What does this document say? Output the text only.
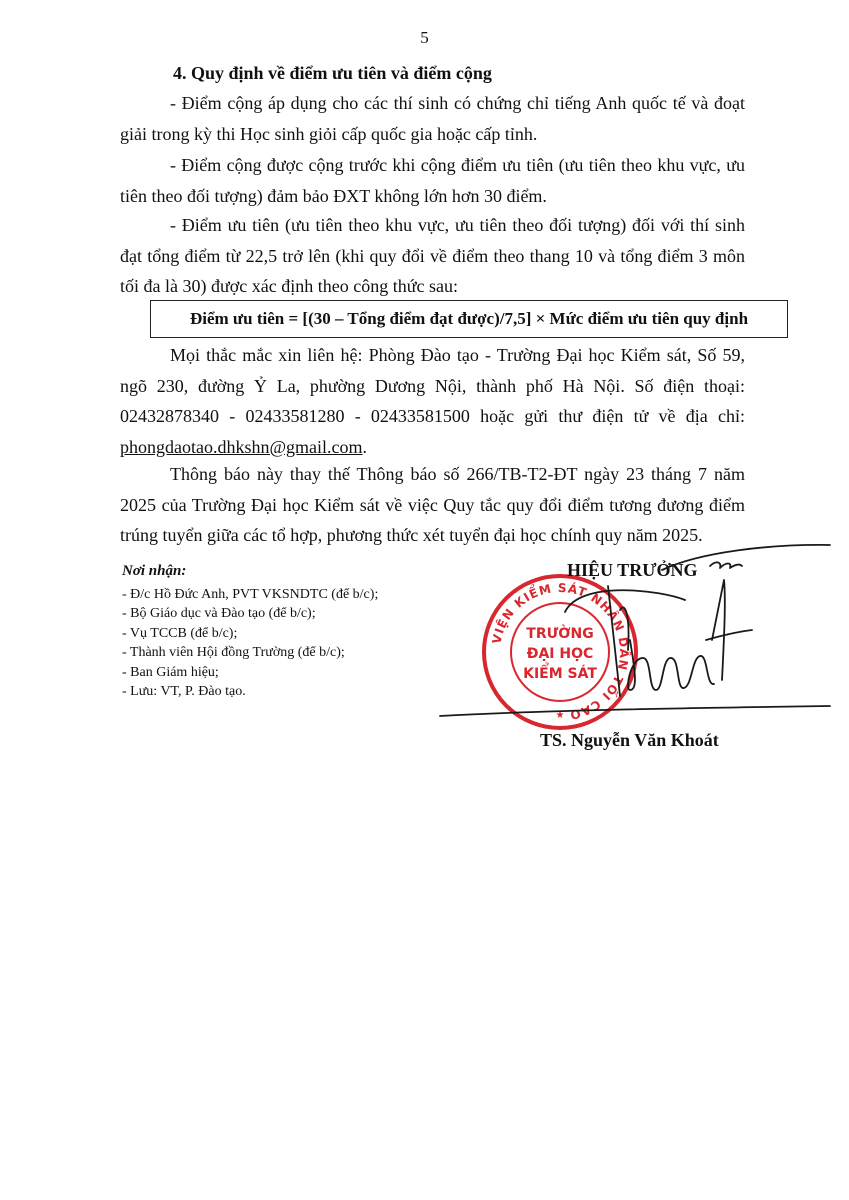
5
4. Quy định về điểm ưu tiên và điểm cộng

- Điểm cộng áp dụng cho các thí sinh có chứng chỉ tiếng Anh quốc tế và đoạt giải trong kỳ thi Học sinh giỏi cấp quốc gia hoặc cấp tỉnh.

- Điểm cộng được cộng trước khi cộng điểm ưu tiên (ưu tiên theo khu vực, ưu tiên theo đối tượng) đảm bảo ĐXT không lớn hơn 30 điểm.

- Điểm ưu tiên (ưu tiên theo khu vực, ưu tiên theo đối tượng) đối với thí sinh đạt tổng điểm từ 22,5 trở lên (khi quy đổi về điểm theo thang 10 và tổng điểm 3 môn tối đa là 30) được xác định theo công thức sau:

Điểm ưu tiên = [(30 – Tổng điểm đạt được)/7,5] × Mức điểm ưu tiên quy định

Mọi thắc mắc xin liên hệ: Phòng Đào tạo - Trường Đại học Kiểm sát, Số 59, ngõ 230, đường Ỷ La, phường Dương Nội, thành phố Hà Nội. Số điện thoại: 02432878340 - 02433581280 - 02433581500 hoặc gửi thư điện tử về địa chỉ: phongdaotao.dhkshn@gmail.com.

Thông báo này thay thế Thông báo số 266/TB-T2-ĐT ngày 23 tháng 7 năm 2025 của Trường Đại học Kiểm sát về việc Quy tắc quy đổi điểm tương đương điểm trúng tuyển giữa các tổ hợp, phương thức xét tuyển đại học chính quy năm 2025.

Nơi nhận:
- Đ/c Hồ Đức Anh, PVT VKSNDTC (để b/c);
- Bộ Giáo dục và Đào tạo (để b/c);
- Vụ TCCB (để b/c);
- Thành viên Hội đồng Trường (để b/c);
- Ban Giám hiệu;
- Lưu: VT, P. Đào tạo.
VIỆN KIỂM SÁT NHÂN DÂN TỐI CAO
TRƯỜNG
ĐẠI HỌC
KIỂM SÁT
★
HIỆU TRƯỞNG
TS. Nguyễn Văn Khoát
